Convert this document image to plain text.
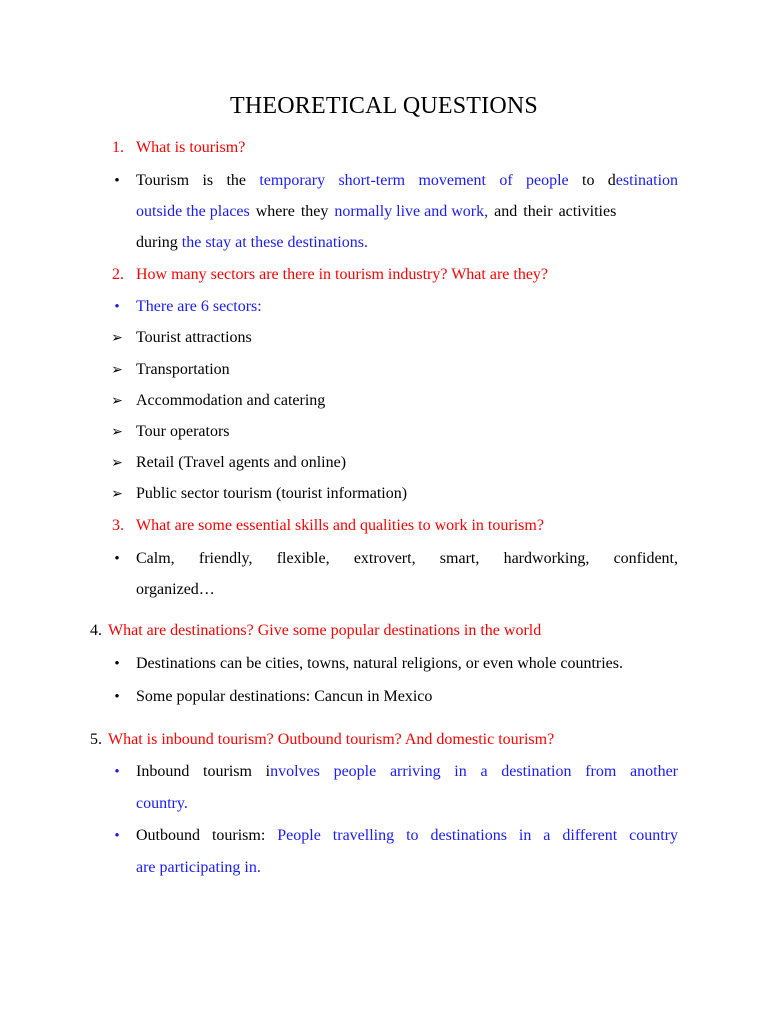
THEORETICAL QUESTIONS
1. What is tourism?
•
Tourism is the temporary short-term movement of people to destination
outside the places where they normally live and work, and their activities
during the stay at these destinations.
2. How many sectors are there in tourism industry? What are they?
•
There are 6 sectors:
➢ Tourist attractions
➢ Transportation
➢ Accommodation and catering
➢ Tour operators
➢ Retail (Travel agents and online)
➢ Public sector tourism (tourist information)
3. What are some essential skills and qualities to work in tourism?
•
Calm, friendly, flexible, extrovert, smart, hardworking, confident,
organized…
4. What are destinations? Give some popular destinations in the world
•
Destinations can be cities, towns, natural religions, or even whole countries.
•
Some popular destinations: Cancun in Mexico
5. What is inbound tourism? Outbound tourism? And domestic tourism?
•
Inbound tourism involves people arriving in a destination from another
country.
•
Outbound tourism: People travelling to destinations in a different country
are participating in.
